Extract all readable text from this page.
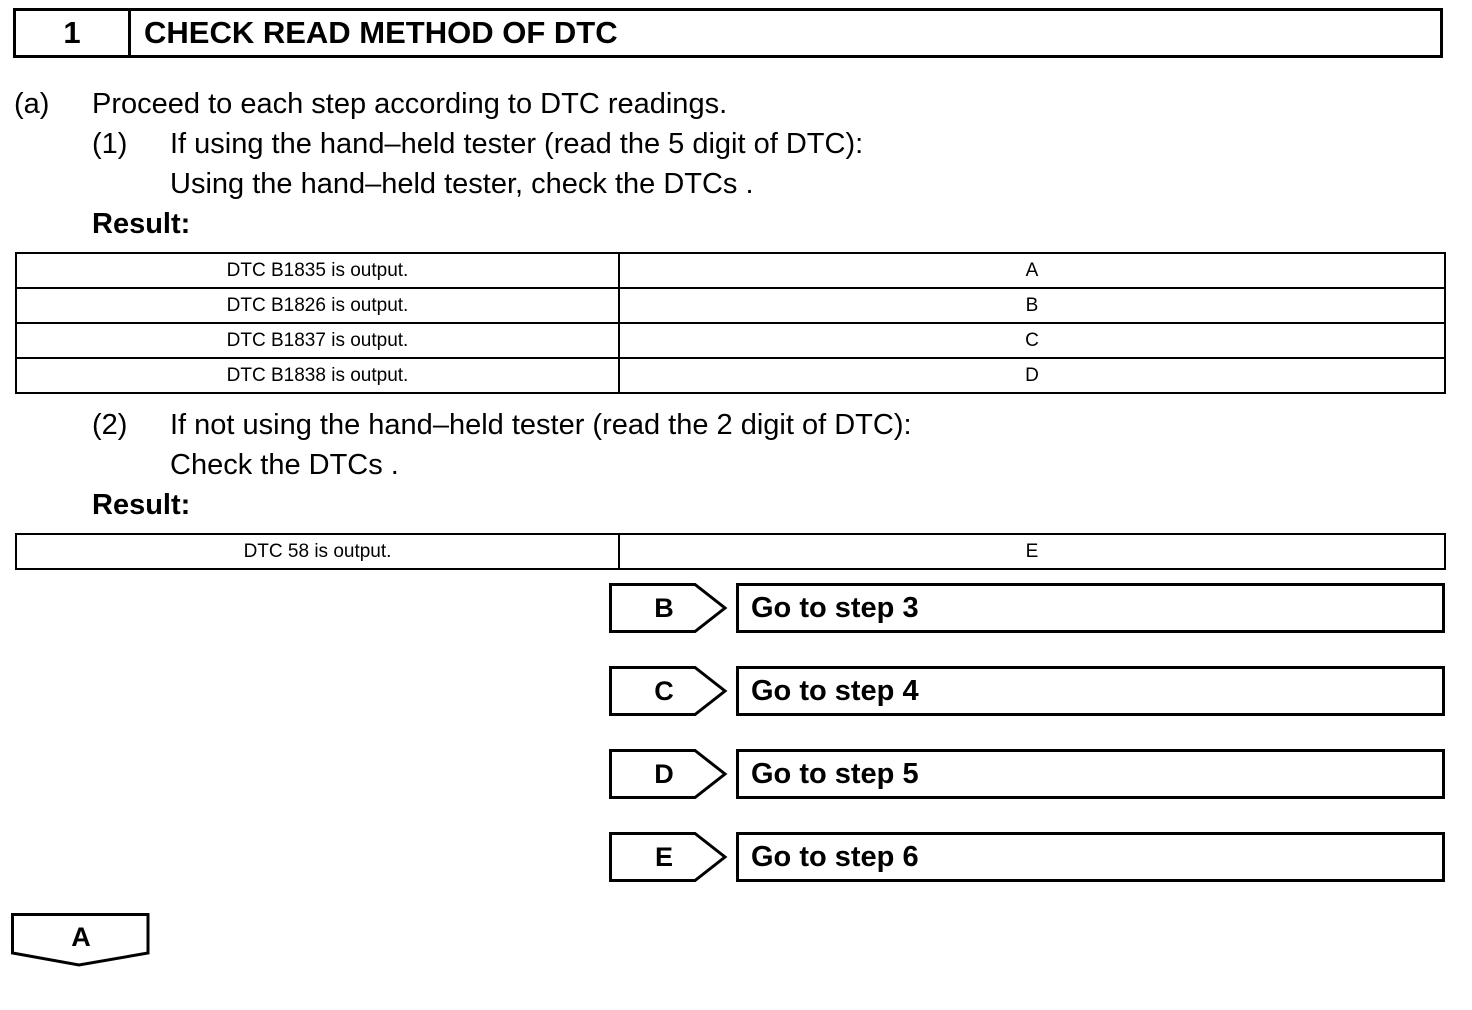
1	CHECK READ METHOD OF DTC
(a) Proceed to each step according to DTC readings.
(1) If using the hand–held tester (read the 5 digit of DTC):
Using the hand–held tester, check the DTCs .
Result:
DTC B1835 is output.	A
DTC B1826 is output.	B
DTC B1837 is output.	C
DTC B1838 is output.	D
(2) If not using the hand–held tester (read the 2 digit of DTC):
Check the DTCs .
Result:
DTC 58 is output.	E
B	Go to step 3
C	Go to step 4
D	Go to step 5
E	Go to step 6
A
